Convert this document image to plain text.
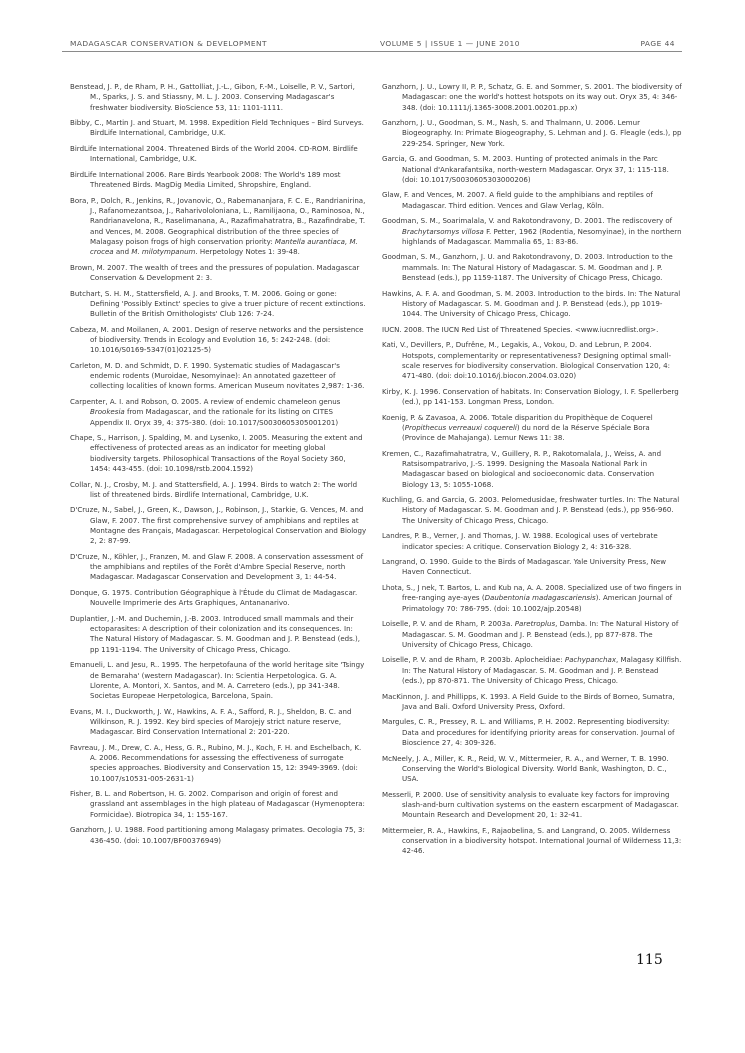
MADAGASCAR CONSERVATION & DEVELOPMENT	VOLUME 5 | ISSUE 1 — JUNE 2010	PAGE 44

Benstead, J. P., de Rham, P. H., Gattolliat, J.-L., Gibon, F.-M., Loiselle, P. V., Sartori, M., Sparks, J. S. and Stiassny, M. L. J. 2003. Conserving Madagascar's freshwater biodiversity. BioScience 53, 11: 1101-1111.

Bibby, C., Martin J. and Stuart, M. 1998. Expedition Field Techniques – Bird Surveys. BirdLife International, Cambridge, U.K.

BirdLife International 2004. Threatened Birds of the World 2004. CD-ROM. Birdlife International, Cambridge, U.K.

BirdLife International 2006. Rare Birds Yearbook 2008: The World's 189 most Threatened Birds. MagDig Media Limited, Shropshire, England.

Bora, P., Dolch, R., Jenkins, R., Jovanovic, O., Rabemananjara, F. C. E., Randrianirina, J., Rafanomezantsoa, J., Raharivololoniana, L., Ramilijaona, O., Raminosoa, N., Randrianavelona, R., Raselimanana, A., Razafimahatratra, B., Razafindrabe, T. and Vences, M. 2008. Geographical distribution of the three species of Malagasy poison frogs of high conservation priority: Mantella aurantiaca, M. crocea and M. milotympanum. Herpetology Notes 1: 39-48.

Brown, M. 2007. The wealth of trees and the pressures of population. Madagascar Conservation & Development 2: 3.

Butchart, S. H. M., Stattersfield, A. J. and Brooks, T. M. 2006. Going or gone: Defining 'Possibly Extinct' species to give a truer picture of recent extinctions. Bulletin of the British Ornithologists' Club 126: 7-24.

Cabeza, M. and Moilanen, A. 2001. Design of reserve networks and the persistence of biodiversity. Trends in Ecology and Evolution 16, 5: 242-248. (doi: 10.1016/S0169-5347(01)02125-5)

Carleton, M. D. and Schmidt, D. F. 1990. Systematic studies of Madagascar's endemic rodents (Muroidae, Nesomyinae): An annotated gazetteer of collecting localities of known forms. American Museum novitates 2,987: 1-36.

Carpenter, A. I. and Robson, O. 2005. A review of endemic chameleon genus Brookesia from Madagascar, and the rationale for its listing on CITES Appendix II. Oryx 39, 4: 375-380. (doi: 10.1017/S0030605305001201)

Chape, S., Harrison, J. Spalding, M. and Lysenko, I. 2005. Measuring the extent and effectiveness of protected areas as an indicator for meeting global biodiversity targets. Philosophical Transactions of the Royal Society 360, 1454: 443-455. (doi: 10.1098/rstb.2004.1592)

Collar, N. J., Crosby, M. J. and Stattersfield, A. J. 1994. Birds to watch 2: The world list of threatened birds. Birdlife International, Cambridge, U.K.

D'Cruze, N., Sabel, J., Green, K., Dawson, J., Robinson, J., Starkie, G. Vences, M. and Glaw, F. 2007. The first comprehensive survey of amphibians and reptiles at Montagne des Français, Madagascar. Herpetological Conservation and Biology 2, 2: 87-99.

D'Cruze, N., Köhler, J., Franzen, M. and Glaw F. 2008. A conservation assessment of the amphibians and reptiles of the Forêt d'Ambre Special Reserve, north Madagascar. Madagascar Conservation and Development 3, 1: 44-54.

Donque, G. 1975. Contribution Géographique à l'Étude du Climat de Madagascar. Nouvelle Imprimerie des Arts Graphiques, Antananarivo.

Duplantier, J.-M. and Duchemin, J.-B. 2003. Introduced small mammals and their ectoparasites: A description of their colonization and its consequences. In: The Natural History of Madagascar. S. M. Goodman and J. P. Benstead (eds.), pp 1191-1194. The University of Chicago Press, Chicago.

Emanueli, L. and Jesu, R.. 1995. The herpetofauna of the world heritage site 'Tsingy de Bemaraha' (western Madagascar). In: Scientia Herpetologica. G. A. Llorente, A. Montori, X. Santos, and M. A. Carretero (eds.), pp 341-348. Societas Europeae Herpetologica, Barcelona, Spain.

Evans, M. I., Duckworth, J. W., Hawkins, A. F. A., Safford, R. J., Sheldon, B. C. and Wilkinson, R. J. 1992. Key bird species of Marojejy strict nature reserve, Madagascar. Bird Conservation International 2: 201-220.

Favreau, J. M., Drew, C. A., Hess, G. R., Rubino, M. J., Koch, F. H. and Eschelbach, K. A. 2006. Recommendations for assessing the effectiveness of surrogate species approaches. Biodiversity and Conservation 15, 12: 3949-3969. (doi: 10.1007/s10531-005-2631-1)

Fisher, B. L. and Robertson, H. G. 2002. Comparison and origin of forest and grassland ant assemblages in the high plateau of Madagascar (Hymenoptera: Formicidae). Biotropica 34, 1: 155-167.

Ganzhorn, J. U. 1988. Food partitioning among Malagasy primates. Oecologia 75, 3: 436-450. (doi: 10.1007/BF00376949)

Ganzhorn, J. U., Lowry II, P. P., Schatz, G. E. and Sommer, S. 2001. The biodiversity of Madagascar: one the world's hottest hotspots on its way out. Oryx 35, 4: 346-348. (doi: 10.1111/j.1365-3008.2001.00201.pp.x)

Ganzhorn, J. U., Goodman, S. M., Nash, S. and Thalmann, U. 2006. Lemur Biogeography. In: Primate Biogeography, S. Lehman and J. G. Fleagle (eds.), pp 229-254. Springer, New York.

Garcia, G. and Goodman, S. M. 2003. Hunting of protected animals in the Parc National d'Ankarafantsika, north-western Madagascar. Oryx 37, 1: 115-118. (doi: 10.1017/S0030605303000206)

Glaw, F. and Vences, M. 2007. A field guide to the amphibians and reptiles of Madagascar. Third edition. Vences and Glaw Verlag, Köln.

Goodman, S. M., Soarimalala, V. and Rakotondravony, D. 2001. The rediscovery of Brachytarsomys villosa F. Petter, 1962 (Rodentia, Nesomyinae), in the northern highlands of Madagascar. Mammalia 65, 1: 83-86.

Goodman, S. M., Ganzhorn, J. U. and Rakotondravony, D. 2003. Introduction to the mammals. In: The Natural History of Madagascar. S. M. Goodman and J. P. Benstead (eds.), pp 1159-1187. The University of Chicago Press, Chicago.

Hawkins, A. F. A. and Goodman, S. M. 2003. Introduction to the birds. In: The Natural History of Madagascar. S. M. Goodman and J. P. Benstead (eds.), pp 1019-1044. The University of Chicago Press, Chicago.

IUCN. 2008. The IUCN Red List of Threatened Species. <www.iucnredlist.org>.

Kati, V., Devillers, P., Dufrêne, M., Legakis, A., Vokou, D. and Lebrun, P. 2004. Hotspots, complementarity or representativeness? Designing optimal small-scale reserves for biodiversity conservation. Biological Conservation 120, 4: 471-480. (doi: doi:10.1016/j.biocon.2004.03.020)

Kirby, K. J. 1996. Conservation of habitats. In: Conservation Biology, I. F. Spellerberg (ed.), pp 141-153. Longman Press, London.

Koenig, P. & Zavasoa, A. 2006. Totale disparition du Propithèque de Coquerel (Propithecus verreauxi coquereli) du nord de la Réserve Spéciale Bora (Province de Mahajanga). Lemur News 11: 38.

Kremen, C., Razafimahatratra, V., Guillery, R. P., Rakotomalala, J., Weiss, A. and Ratsisompatrarivo, J.-S. 1999. Designing the Masoala National Park in Madagascar based on biological and socioeconomic data. Conservation Biology 13, 5: 1055-1068.

Kuchling, G. and Garcia, G. 2003. Pelomedusidae, freshwater turtles. In: The Natural History of Madagascar. S. M. Goodman and J. P. Benstead (eds.), pp 956-960. The University of Chicago Press, Chicago.

Landres, P. B., Verner, J. and Thomas, J. W. 1988. Ecological uses of vertebrate indicator species: A critique. Conservation Biology 2, 4: 316-328.

Langrand, O. 1990. Guide to the Birds of Madagascar. Yale University Press, New Haven Connecticut.

Lhota, S., J nek, T. Bartos, L. and Kub na, A. A. 2008. Specialized use of two fingers in free-ranging aye-ayes (Daubentonia madagascariensis). American Journal of Primatology 70: 786-795. (doi: 10.1002/ajp.20548)

Loiselle, P. V. and de Rham, P. 2003a. Paretroplus, Damba. In: The Natural History of Madagascar. S. M. Goodman and J. P. Benstead (eds.), pp 877-878. The University of Chicago Press, Chicago.

Loiselle, P. V. and de Rham, P. 2003b. Aplocheidiae: Pachypanchax, Malagasy Killfish. In: The Natural History of Madagascar. S. M. Goodman and J. P. Benstead (eds.), pp 870-871. The University of Chicago Press, Chicago.

MacKinnon, J. and Phillipps, K. 1993. A Field Guide to the Birds of Borneo, Sumatra, Java and Bali. Oxford University Press, Oxford.

Margules, C. R., Pressey, R. L. and Williams, P. H. 2002. Representing biodiversity: Data and procedures for identifying priority areas for conservation. Journal of Bioscience 27, 4: 309-326.

McNeely, J. A., Miller, K. R., Reid, W. V., Mittermeier, R. A., and Werner, T. B. 1990. Conserving the World's Biological Diversity. World Bank, Washington, D. C., USA.

Messerli, P. 2000. Use of sensitivity analysis to evaluate key factors for improving slash-and-burn cultivation systems on the eastern escarpment of Madagascar. Mountain Research and Development 20, 1: 32-41.

Mittermeier, R. A., Hawkins, F., Rajaobelina, S. and Langrand, O. 2005. Wilderness conservation in a biodiversity hotspot. International Journal of Wilderness 11,3: 42-46.

115
